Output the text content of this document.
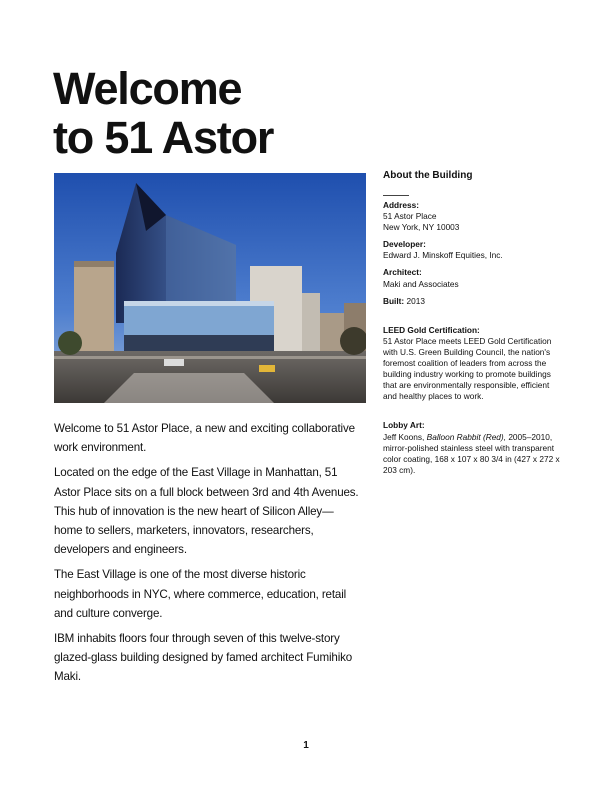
Welcome
to 51 Astor

Welcome to 51 Astor Place, a new and exciting collaborative work environment.

Located on the edge of the East Village in Manhattan, 51 Astor Place sits on a full block between 3rd and 4th Avenues. This hub of innovation is the new heart of Silicon Alley—home to sellers, marketers, innovators, researchers, developers and engineers.

The East Village is one of the most diverse historic neighborhoods in NYC, where commerce, education, retail and culture converge.

IBM inhabits floors four through seven of this twelve-story glazed-glass building designed by famed architect Fumihiko Maki.

About the Building
Address:
51 Astor Place
New York, NY 10003
Developer:
Edward J. Minskoff Equities, Inc.
Architect:
Maki and Associates
Built: 2013
LEED Gold Certification:
51 Astor Place meets LEED Gold Certification with U.S. Green Building Council, the nation's foremost coalition of leaders from across the building industry working to promote buildings that are environmentally responsible, efficient and healthy places to work.
Lobby Art:
Jeff Koons, Balloon Rabbit (Red), 2005–2010, mirror-polished stainless steel with transparent color coating, 168 x 107 x 80 3/4 in (427 x 272 x 203 cm).
1
